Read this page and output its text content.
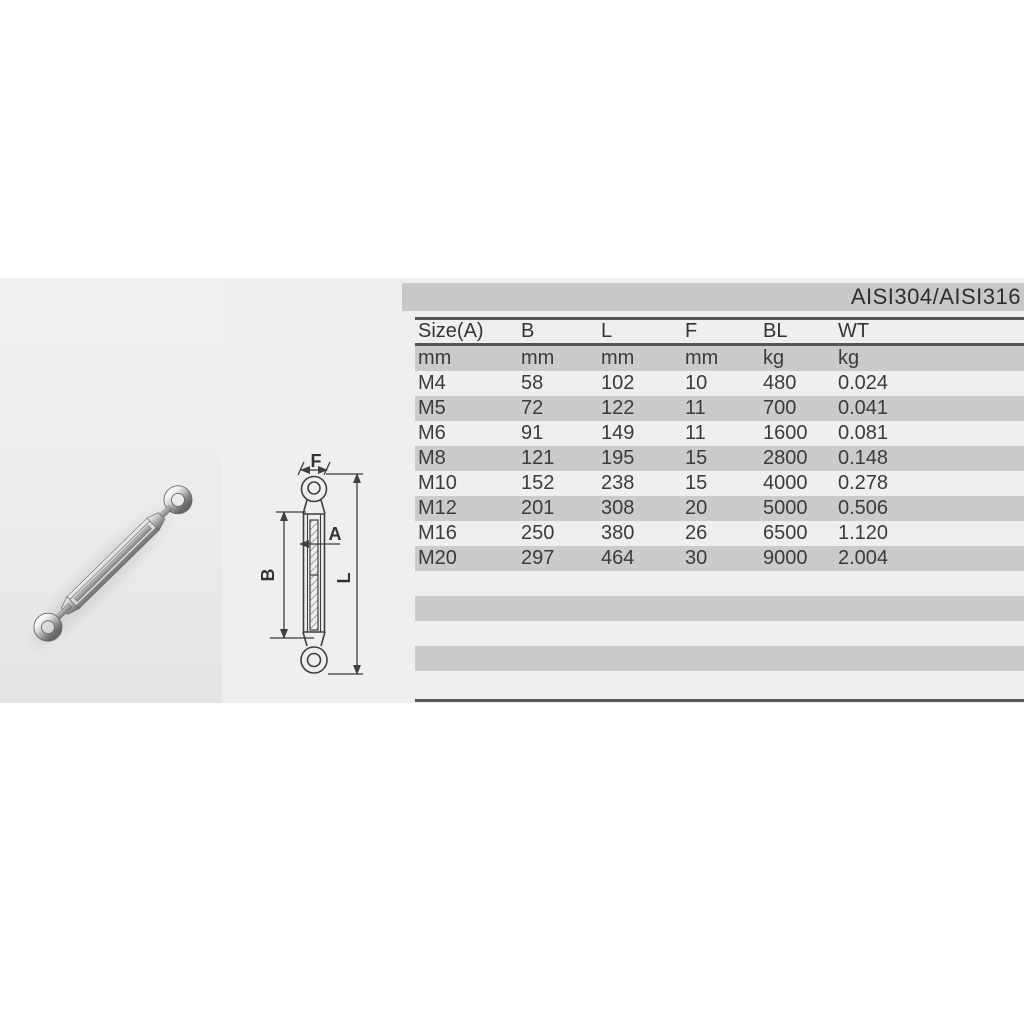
F
A
B	L
AISI304/AISI316
Size(A)	B	L	F	BL	WT
mm	mm	mm	mm	kg	kg
M4	58	102	10	480	0.024
M5	72	122	11	700	0.041
M6	91	149	11	1600	0.081
M8	121	195	15	2800	0.148
M10	152	238	15	4000	0.278
M12	201	308	20	5000	0.506
M16	250	380	26	6500	1.120
M20	297	464	30	9000	2.004
